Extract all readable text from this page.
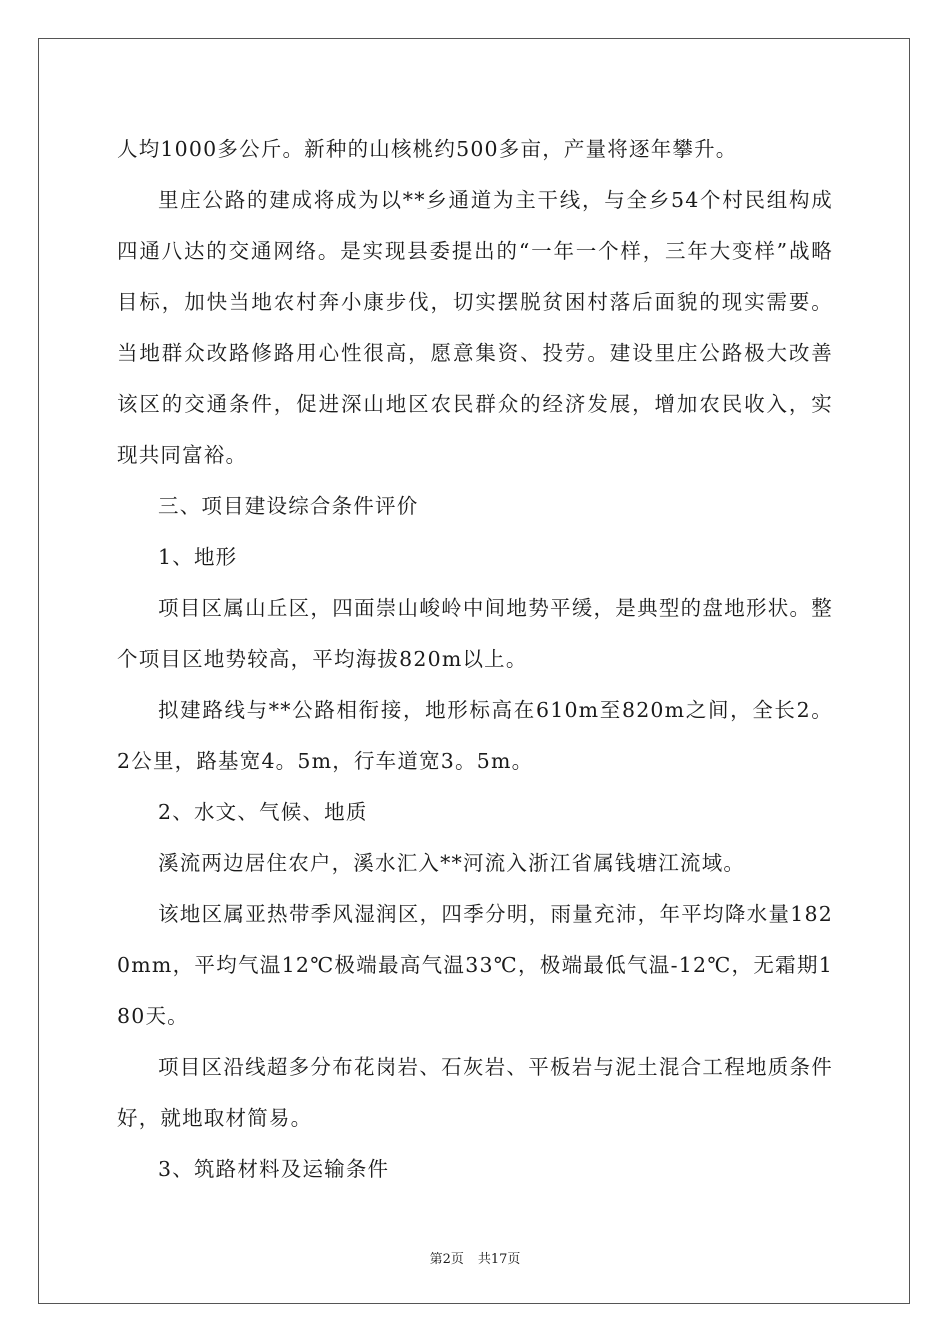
人均1000多公斤。新种的山核桃约500多亩，产量将逐年攀升。

里庄公路的建成将成为以**乡通道为主干线，与全乡54个村民组构成四通八达的交通网络。是实现县委提出的“一年一个样，三年大变样”战略目标，加快当地农村奔小康步伐，切实摆脱贫困村落后面貌的现实需要。当地群众改路修路用心性很高，愿意集资、投劳。建设里庄公路极大改善该区的交通条件，促进深山地区农民群众的经济发展，增加农民收入，实现共同富裕。

三、项目建设综合条件评价

1、地形

项目区属山丘区，四面崇山峻岭中间地势平缓，是典型的盘地形状。整个项目区地势较高，平均海拔820m以上。

拟建路线与**公路相衔接，地形标高在610m至820m之间，全长2。2公里，路基宽4。5m，行车道宽3。5m。

2、水文、气候、地质

溪流两边居住农户，溪水汇入**河流入浙江省属钱塘江流域。

该地区属亚热带季风湿润区，四季分明，雨量充沛，年平均降水量1820mm，平均气温12℃极端最高气温33℃，极端最低气温-12℃，无霜期180天。

项目区沿线超多分布花岗岩、石灰岩、平板岩与泥土混合工程地质条件好，就地取材简易。

3、筑路材料及运输条件

第2页 共17页
